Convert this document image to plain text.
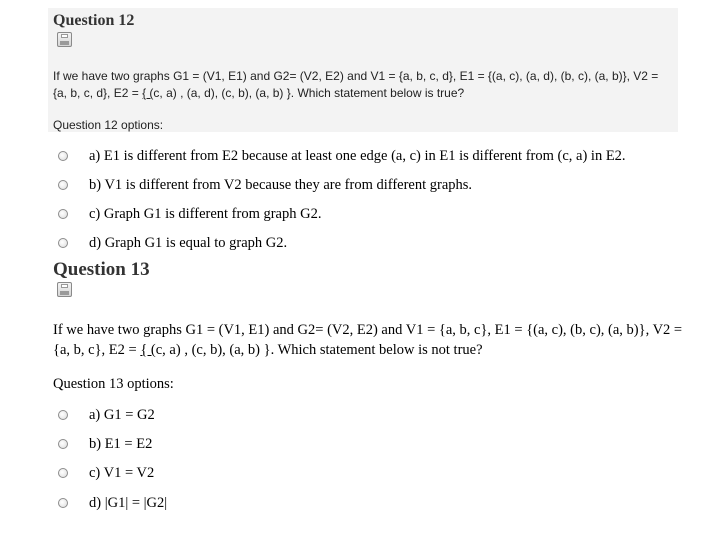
Question 12
If we have two graphs G1 = (V1, E1) and G2= (V2, E2) and V1 = {a, b, c, d}, E1 = {(a, c), (a, d), (b, c), (a, b)}, V2 = {a, b, c, d}, E2 = { (c, a) , (a, d), (c, b), (a, b) }. Which statement below is true?
Question 12 options:
a) E1 is different from E2 because at least one edge (a, c) in E1 is different from (c, a) in E2.
b) V1 is different from V2 because they are from different graphs.
c) Graph G1 is different from graph G2.
d) Graph G1 is equal to graph G2.
Question 13
If we have two graphs G1 = (V1, E1) and G2= (V2, E2) and V1 = {a, b, c}, E1 = {(a, c), (b, c), (a, b)}, V2 = {a, b, c}, E2 = { (c, a) , (c, b), (a, b) }. Which statement below is not true?
Question 13 options:
a) G1 = G2
b) E1 = E2
c) V1 = V2
d) |G1| = |G2|
